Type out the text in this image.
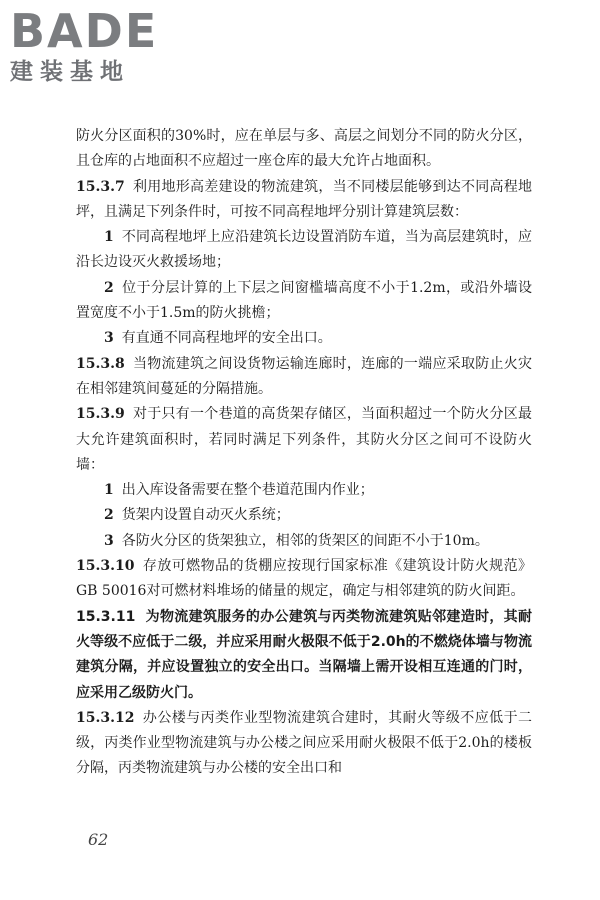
BADE
建装基地

防火分区面积的30%时，应在单层与多、高层之间划分不同的防火分区，且仓库的占地面积不应超过一座仓库的最大允许占地面积。

15.3.7 利用地形高差建设的物流建筑，当不同楼层能够到达不同高程地坪，且满足下列条件时，可按不同高程地坪分别计算建筑层数：

1 不同高程地坪上应沿建筑长边设置消防车道，当为高层建筑时，应沿长边设灭火救援场地；

2 位于分层计算的上下层之间窗槛墙高度不小于1.2m，或沿外墙设置宽度不小于1.5m的防火挑檐；

3 有直通不同高程地坪的安全出口。

15.3.8 当物流建筑之间设货物运输连廊时，连廊的一端应采取防止火灾在相邻建筑间蔓延的分隔措施。

15.3.9 对于只有一个巷道的高货架存储区，当面积超过一个防火分区最大允许建筑面积时，若同时满足下列条件，其防火分区之间可不设防火墙：

1 出入库设备需要在整个巷道范围内作业；

2 货架内设置自动灭火系统；

3 各防火分区的货架独立，相邻的货架区的间距不小于10m。

15.3.10 存放可燃物品的货棚应按现行国家标准《建筑设计防火规范》GB 50016对可燃材料堆场的储量的规定，确定与相邻建筑的防火间距。

15.3.11 为物流建筑服务的办公建筑与丙类物流建筑贴邻建造时，其耐火等级不应低于二级，并应采用耐火极限不低于2.0h的不燃烧体墙与物流建筑分隔，并应设置独立的安全出口。当隔墙上需开设相互连通的门时，应采用乙级防火门。

15.3.12 办公楼与丙类作业型物流建筑合建时，其耐火等级不应低于二级，丙类作业型物流建筑与办公楼之间应采用耐火极限不低于2.0h的楼板分隔，丙类物流建筑与办公楼的安全出口和

62
